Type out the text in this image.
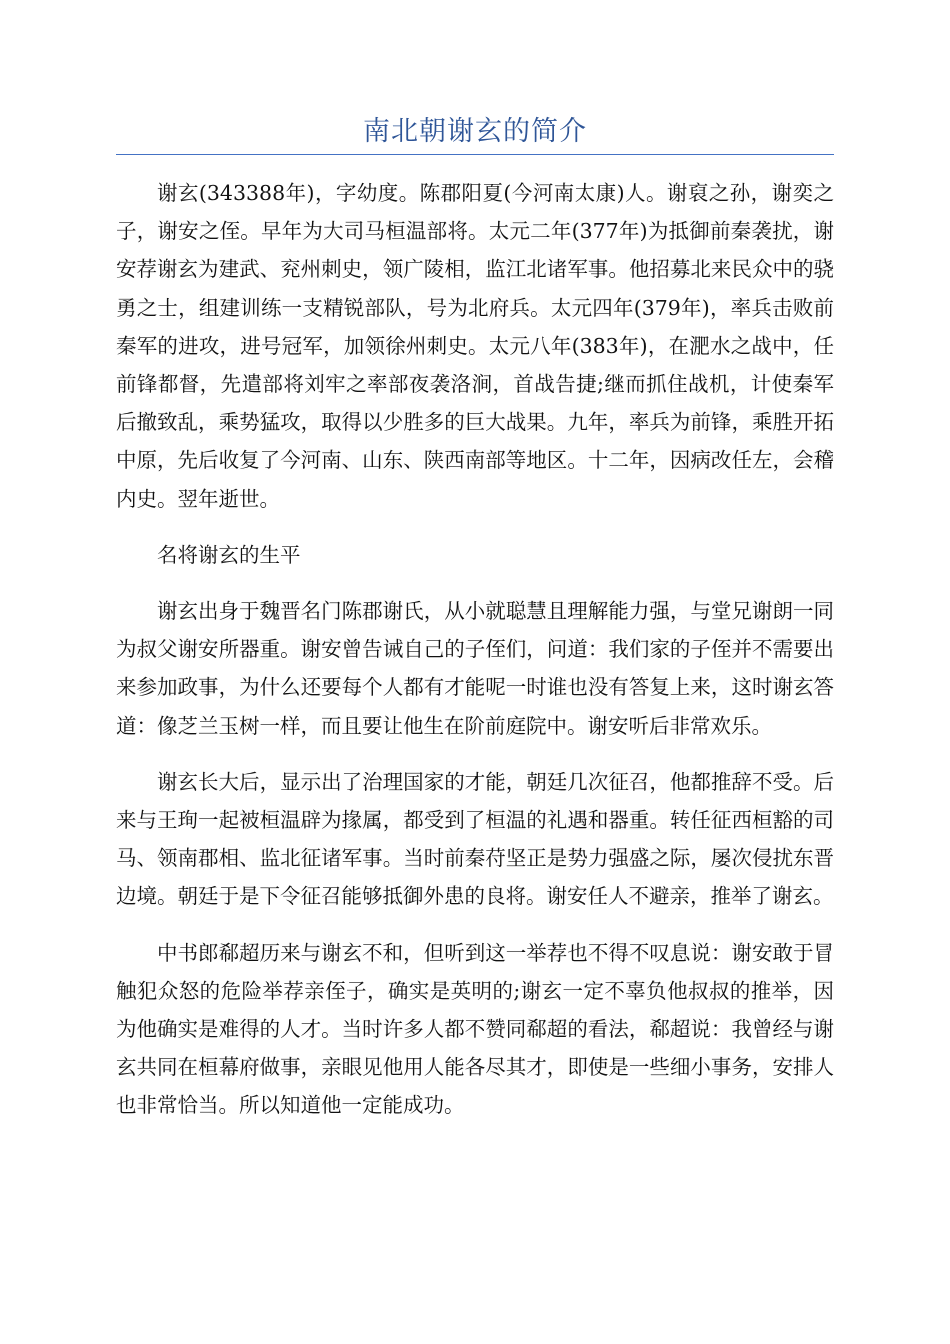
南北朝谢玄的简介

谢玄(343388年)，字幼度。陈郡阳夏(今河南太康)人。谢裒之孙，谢奕之子，谢安之侄。早年为大司马桓温部将。太元二年(377年)为抵御前秦袭扰，谢安荐谢玄为建武、兖州刺史，领广陵相，监江北诸军事。他招募北来民众中的骁勇之士，组建训练一支精锐部队，号为北府兵。太元四年(379年)，率兵击败前秦军的进攻，进号冠军，加领徐州刺史。太元八年(383年)，在淝水之战中，任前锋都督，先遣部将刘牢之率部夜袭洛涧，首战告捷;继而抓住战机，计使秦军后撤致乱，乘势猛攻，取得以少胜多的巨大战果。九年，率兵为前锋，乘胜开拓中原，先后收复了今河南、山东、陕西南部等地区。十二年，因病改任左，会稽内史。翌年逝世。

名将谢玄的生平

谢玄出身于魏晋名门陈郡谢氏，从小就聪慧且理解能力强，与堂兄谢朗一同为叔父谢安所器重。谢安曾告诫自己的子侄们，问道：我们家的子侄并不需要出来参加政事，为什么还要每个人都有才能呢一时谁也没有答复上来，这时谢玄答道：像芝兰玉树一样，而且要让他生在阶前庭院中。谢安听后非常欢乐。

谢玄长大后，显示出了治理国家的才能，朝廷几次征召，他都推辞不受。后来与王珣一起被桓温辟为掾属，都受到了桓温的礼遇和器重。转任征西桓豁的司马、领南郡相、监北征诸军事。当时前秦苻坚正是势力强盛之际，屡次侵扰东晋边境。朝廷于是下令征召能够抵御外患的良将。谢安任人不避亲，推举了谢玄。

中书郎郗超历来与谢玄不和，但听到这一举荐也不得不叹息说：谢安敢于冒触犯众怒的危险举荐亲侄子，确实是英明的;谢玄一定不辜负他叔叔的推举，因为他确实是难得的人才。当时许多人都不赞同郗超的看法，郗超说：我曾经与谢玄共同在桓幕府做事，亲眼见他用人能各尽其才，即使是一些细小事务，安排人也非常恰当。所以知道他一定能成功。
